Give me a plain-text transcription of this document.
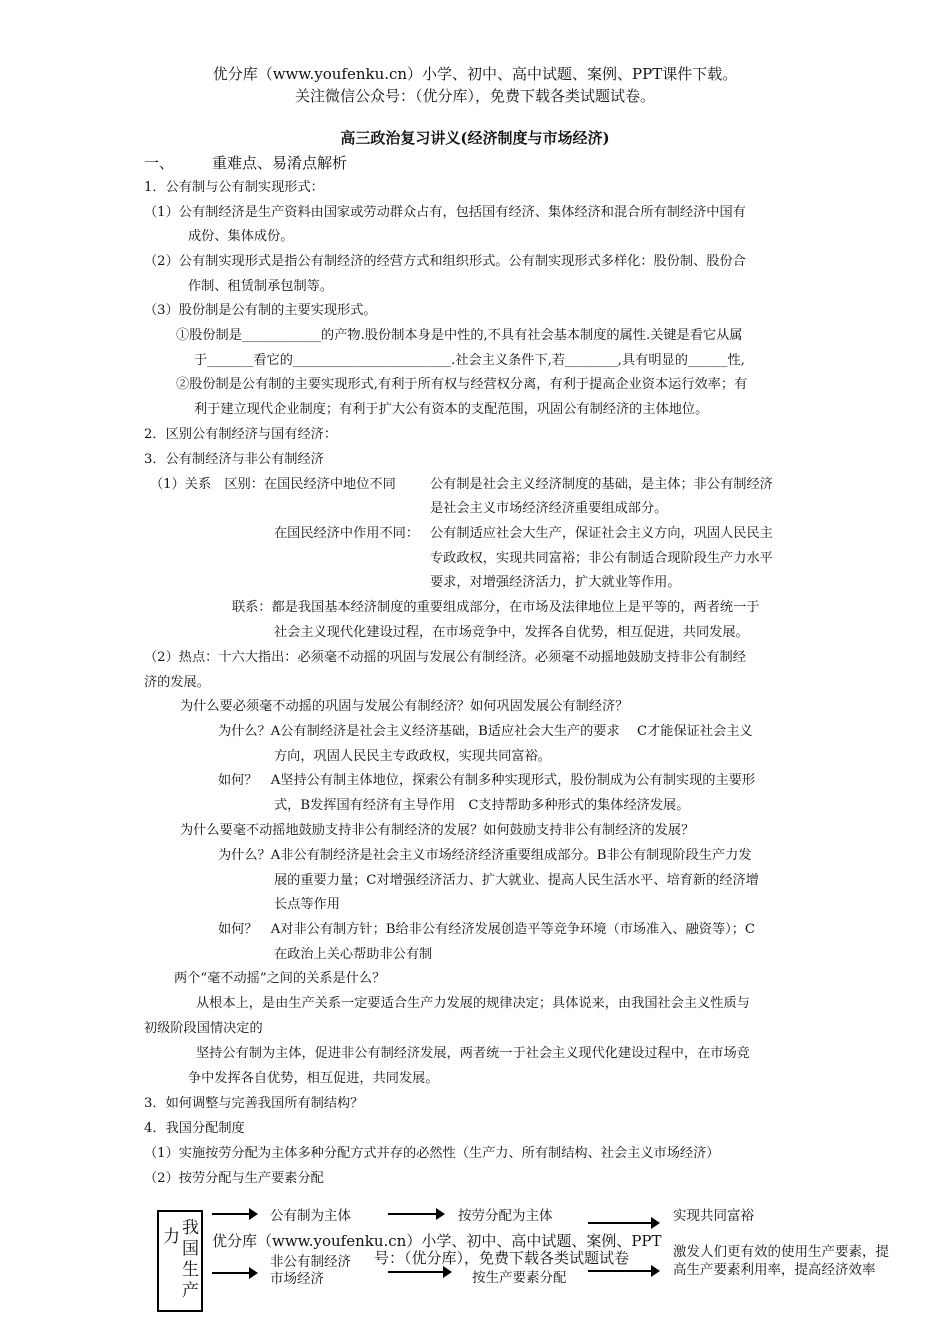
优分库（www.youfenku.cn）小学、初中、高中试题、案例、PPT课件下载。
关注微信公众号：（优分库），免费下载各类试题试卷。
高三政治复习讲义(经济制度与市场经济)
一、	重难点、易淆点解析
1．公有制与公有制实现形式：
（1）公有制经济是生产资料由国家或劳动群众占有，包括国有经济、集体经济和混合所有制经济中国有
成份、集体成份。
（2）公有制实现形式是指公有制经济的经营方式和组织形式。公有制实现形式多样化：股份制、股份合
作制、租赁制承包制等。
（3）股份制是公有制的主要实现形式。
①股份制是____________的产物.股份制本身是中性的,不具有社会基本制度的属性.关键是看它从属
于_______看它的________________________.社会主义条件下,若________,具有明显的______性,
②股份制是公有制的主要实现形式,有利于所有权与经营权分离，有利于提高企业资本运行效率；有
利于建立现代企业制度；有利于扩大公有资本的支配范围，巩固公有制经济的主体地位。
2．区别公有制经济与国有经济：
3．公有制经济与非公有制经济
（1）关系　区别：在国民经济中地位不同	公有制是社会主义经济制度的基础，是主体；非公有制经济
是社会主义市场经济经济重要组成部分。
在国民经济中作用不同： 公有制适应社会大生产，保证社会主义方向，巩固人民民主
专政政权，实现共同富裕；非公有制适合现阶段生产力水平
要求，对增强经济活力，扩大就业等作用。
联系：都是我国基本经济制度的重要组成部分，在市场及法律地位上是平等的，两者统一于
社会主义现代化建设过程，在市场竞争中，发挥各自优势，相互促进，共同发展。
（2）热点：十六大指出：必须毫不动摇的巩固与发展公有制经济。必须毫不动摇地鼓励支持非公有制经
济的发展。
为什么要必须毫不动摇的巩固与发展公有制经济？如何巩固发展公有制经济？
为什么？A公有制经济是社会主义经济基础，B适应社会大生产的要求　 C才能保证社会主义
方向，巩固人民民主专政政权，实现共同富裕。
如何？　A坚持公有制主体地位，探索公有制多种实现形式，股份制成为公有制实现的主要形
式，B发挥国有经济有主导作用　C支持帮助多种形式的集体经济发展。
为什么要毫不动摇地鼓励支持非公有制经济的发展？如何鼓励支持非公有制经济的发展？
为什么？A非公有制经济是社会主义市场经济经济重要组成部分。B非公有制现阶段生产力发
展的重要力量；C对增强经济活力、扩大就业、提高人民生活水平、培育新的经济增
长点等作用
如何？　A对非公有制方针；B给非公有经济发展创造平等竞争环境（市场准入、融资等）；C
在政治上关心帮助非公有制
两个“毫不动摇”之间的关系是什么？
从根本上，是由生产关系一定要适合生产力发展的规律决定；具体说来，由我国社会主义性质与
初级阶段国情决定的
坚持公有制为主体，促进非公有制经济发展，两者统一于社会主义现代化建设过程中，在市场竞
争中发挥各自优势，相互促进，共同发展。
3．如何调整与完善我国所有制结构？
4．我国分配制度
（1）实施按劳分配为主体多种分配方式并存的必然性（生产力、所有制结构、社会主义市场经济）
（2）按劳分配与生产要素分配
力 我
国
生
产
公有制为主体	按劳分配为主体	实现共同富裕
优分库（www.youfenku.cn）小学、初中、高中试题、案例、PPT
号：（优分库），免费下载各类试题试卷
非公有制经济
市场经济	按生产要素分配
激发人们更有效的使用生产要素，提
高生产要素利用率，提高经济效率
